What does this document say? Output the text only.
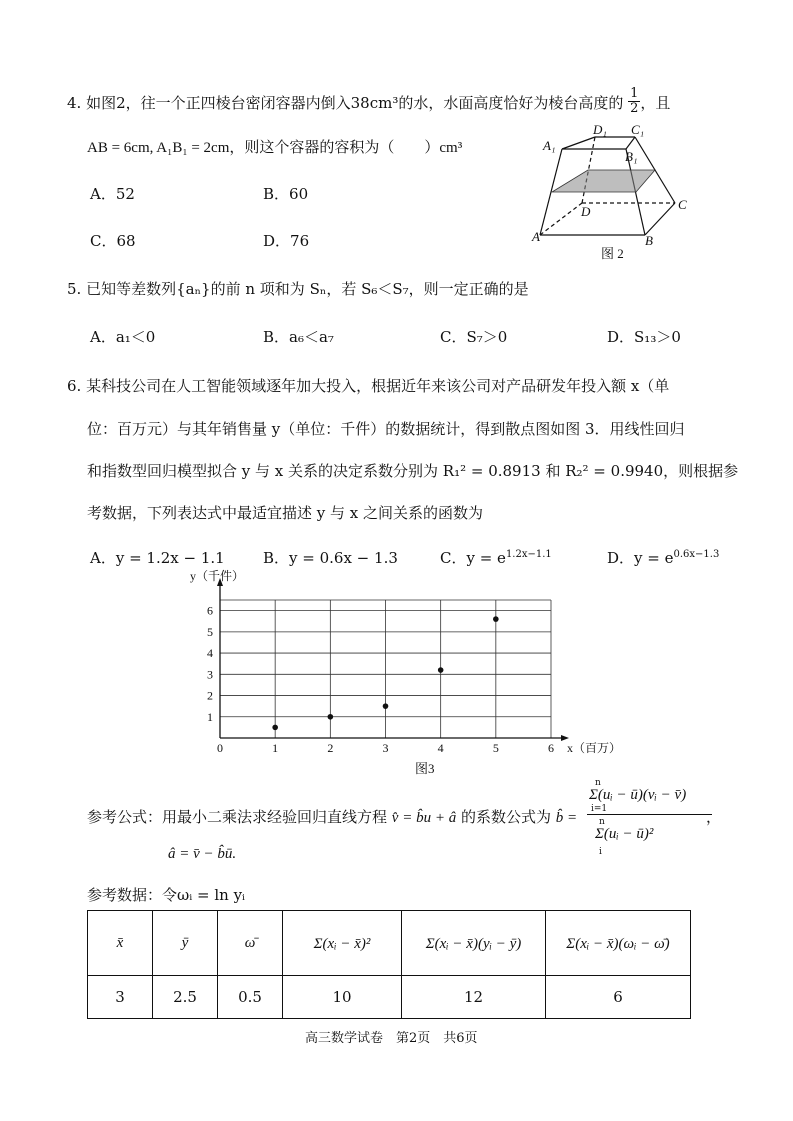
4. 如图2，往一个正四棱台密闭容器内倒入38cm³的水，水面高度恰好为棱台高度的 $\frac{1}{2}$ ，且
AB = 6cm, A₁B₁ = 2cm，则这个容器的容积为（　　）cm³
A．52	B．60
C．68	D．76
D₁ C₁
A₁
B₁
D	C
A	B
图 2
5. 已知等差数列{aₙ}的前 n 项和为 Sₙ，若 S₆＜S₇，则一定正确的是
A．a₁＜0	B．a₆＜a₇	C．S₇＞0	D．S₁₃＞0
6. 某科技公司在人工智能领域逐年加大投入，根据近年来该公司对产品研发年投入额 x（单
位：百万元）与其年销售量 y（单位：千件）的数据统计，得到散点图如图 3．用线性回归
和指数型回归模型拟合 y 与 x 关系的决定系数分别为 R₁² = 0.8913 和 R₂² = 0.9940，则根据参
考数据，下列表达式中最适宜描述 y 与 x 之间关系的函数为
A．y = 1.2x − 1.1	B．y = 0.6x − 1.3	C．$y = e^{1.2x-1.1}$	D．$y = e^{0.6x-1.3}$
0	1	2	3	4	5	6
1
2
3
4
5
6
x（百万）
y（千件）
图3
参考公式：用最小二乘法求经验回归直线方程 v̂ = b̂u + â 的系数公式为 b̂ =
n
i=1
Σ(uᵢ − ū)(vᵢ − v̄)
n
i
Σ(uᵢ − ū)²
，
â = v̄ − b̂ū.
参考数据：令ωᵢ = ln yᵢ
x̄	ȳ	ω̄	Σ(xᵢ − x̄)²	Σ(xᵢ − x̄)(yᵢ − ȳ)	Σ(xᵢ − x̄)(ωᵢ − ω̄)
3	2.5	0.5	10	12	6
高三数学试卷　第2页　共6页
